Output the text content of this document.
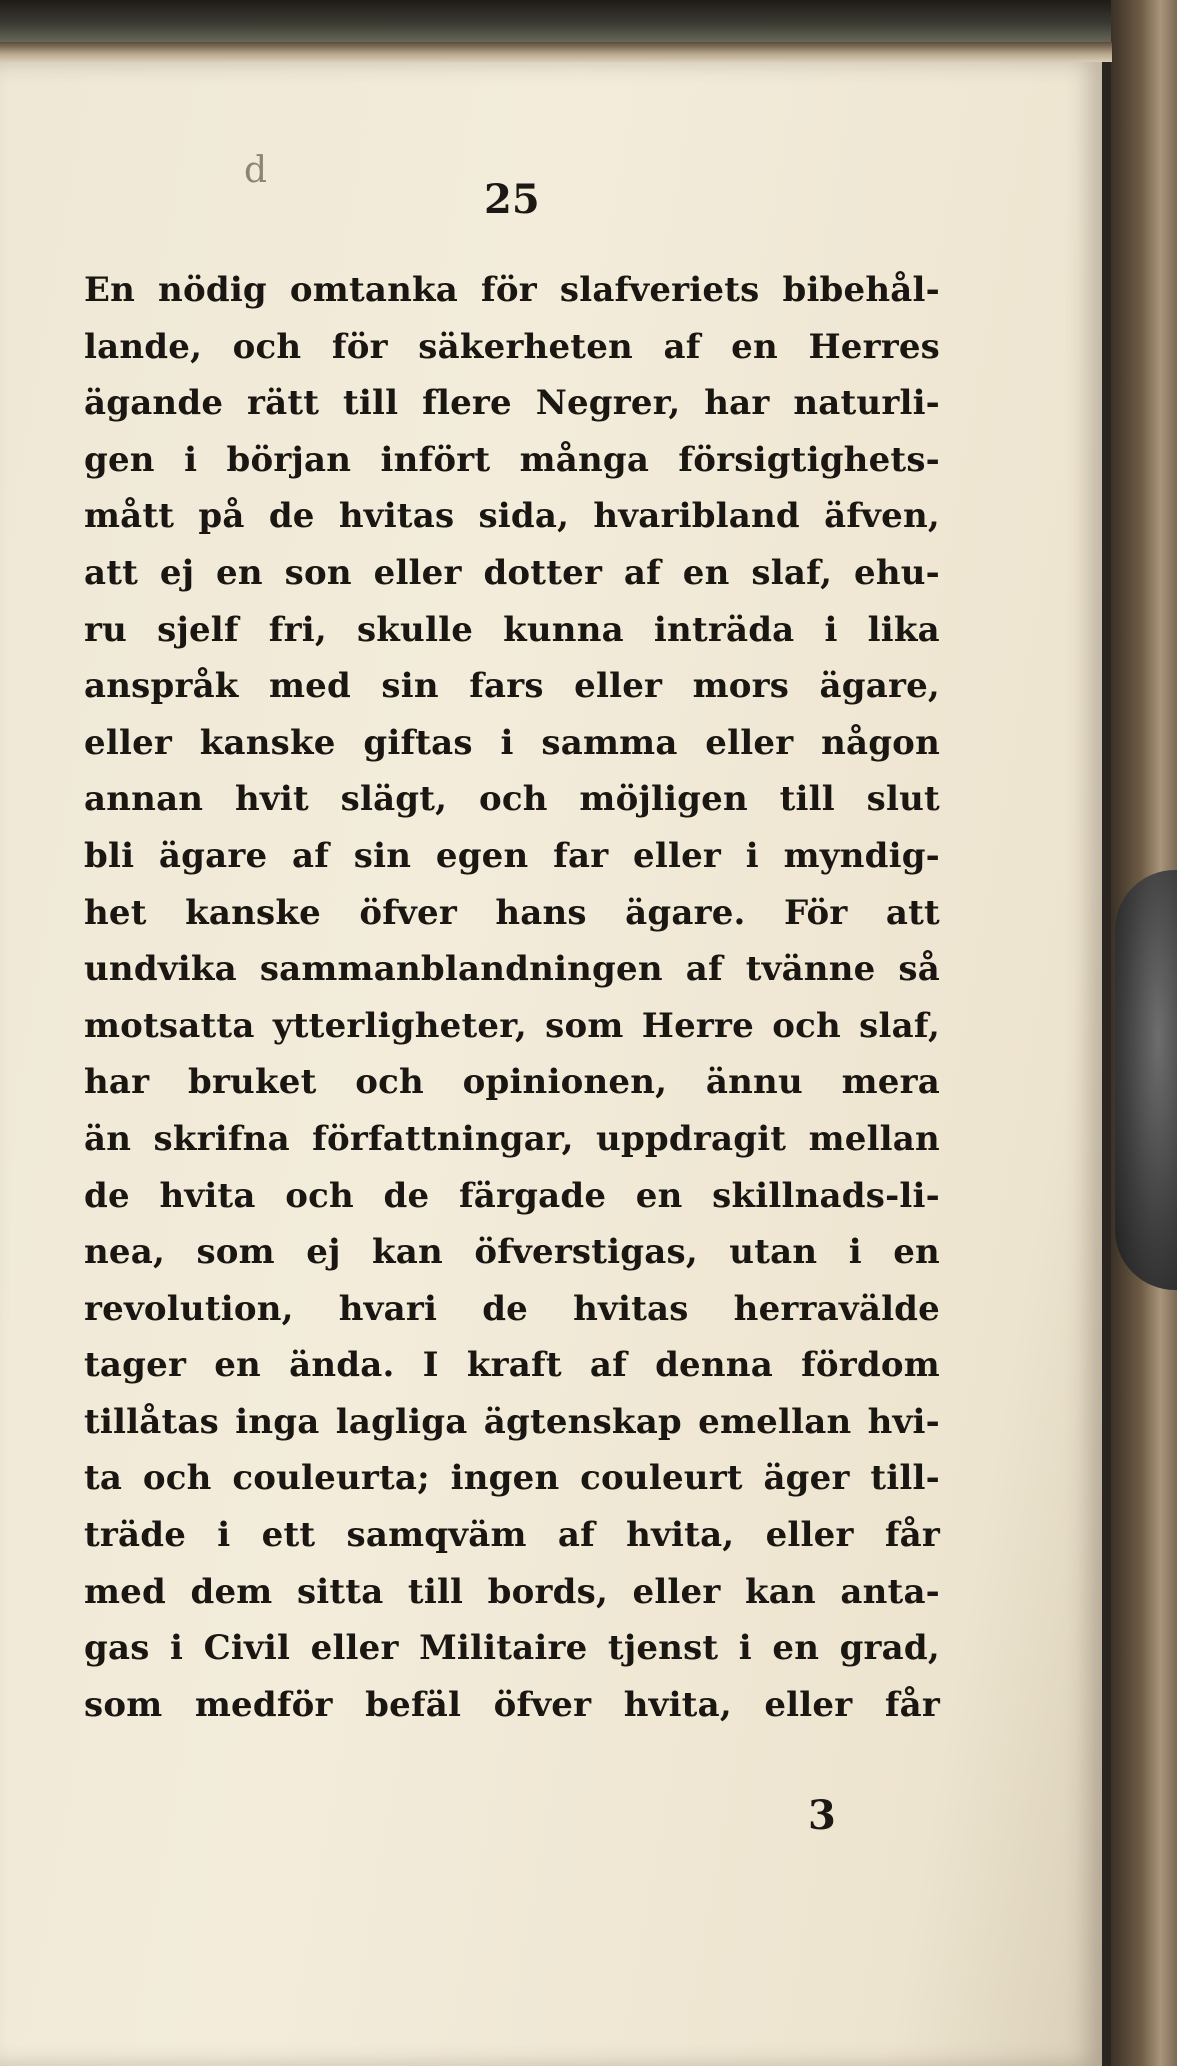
d
25
En nödig omtanka för slafveriets bibehål-
lande, och för säkerheten af en Herres
ägande rätt till flere Negrer, har naturli-
gen i början infört många försigtighets-
mått på de hvitas sida, hvaribland äfven,
att ej en son eller dotter af en slaf, ehu-
ru sjelf fri, skulle kunna inträda i lika
anspråk med sin fars eller mors ägare,
eller kanske giftas i samma eller någon
annan hvit slägt, och möjligen till slut
bli ägare af sin egen far eller i myndig-
het kanske öfver hans ägare. För att
undvika sammanblandningen af tvänne så
motsatta ytterligheter, som Herre och slaf,
har bruket och opinionen, ännu mera
än skrifna författningar, uppdragit mellan
de hvita och de färgade en skillnads-li-
nea, som ej kan öfverstigas, utan i en
revolution, hvari de hvitas herravälde
tager en ända. I kraft af denna fördom
tillåtas inga lagliga ägtenskap emellan hvi-
ta och couleurta; ingen couleurt äger till-
träde i ett samqväm af hvita, eller får
med dem sitta till bords, eller kan anta-
gas i Civil eller Militaire tjenst i en grad,
som medför befäl öfver hvita, eller får
3
